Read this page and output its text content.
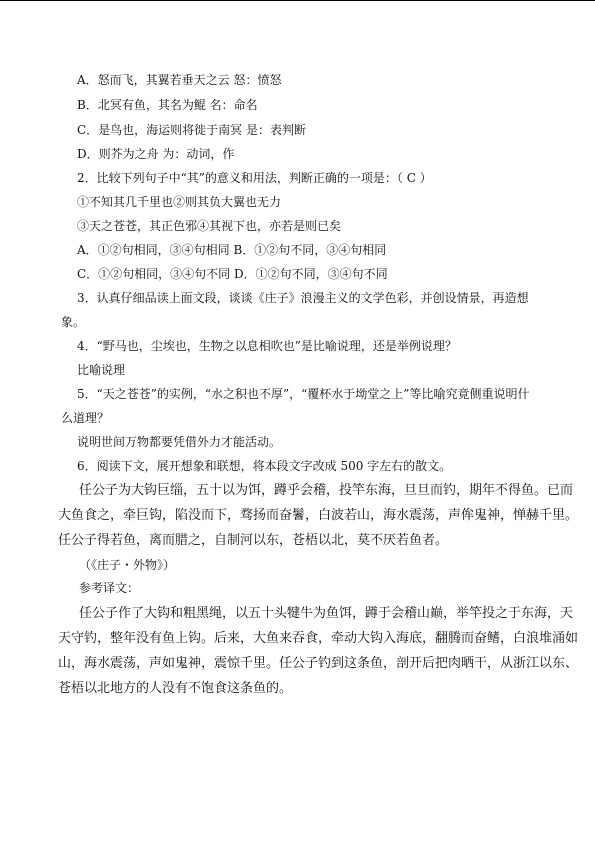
A．怒而飞，其翼若垂天之云 怒：愤怒
B．北冥有鱼，其名为鲲 名：命名
C．是鸟也，海运则将徙于南冥 是：表判断
D．则芥为之舟 为：动词，作
2．比较下列句子中“其”的意义和用法，判断正确的一项是：（ C ）
①不知其几千里也②则其负大翼也无力
③天之苍苍，其正色邪④其视下也，亦若是则已矣
A．①②句相同，③④句相同 B．①②句不同，③④句相同
C．①②句相同，③④句不同 D．①②句不同，③④句不同
3．认真仔细品读上面文段，谈谈《庄子》浪漫主义的文学色彩，并创设情景，再造想
象。
4．“野马也，尘埃也，生物之以息相吹也”是比喻说理，还是举例说理？
比喻说理
5．“天之苍苍”的实例，“水之积也不厚”，“覆杯水于坳堂之上”等比喻究竟侧重说明什
么道理？
说明世间万物都要凭借外力才能活动。
6．阅读下文，展开想象和联想，将本段文字改成 500 字左右的散文。
任公子为大钩巨缁，五十以为饵，蹲乎会稽，投竿东海，旦旦而钓，期年不得鱼。已而
大鱼食之，牵巨钩，陷没而下，骛扬而奋鬐，白波若山，海水震荡，声侔鬼神，惮赫千里。
任公子得若鱼，离而腊之，自制河以东，苍梧以北，莫不厌若鱼者。
（《庄子・外物》）
参考译文：
任公子作了大钩和粗黑绳，以五十头犍牛为鱼饵，蹲于会稽山巅，举竿投之于东海，天
天守钓，整年没有鱼上钩。后来，大鱼来吞食，牵动大钩入海底，翻腾而奋鳍，白浪堆涌如
山，海水震荡，声如鬼神，震惊千里。任公子钓到这条鱼，剖开后把肉晒干，从浙江以东、
苍梧以北地方的人没有不饱食这条鱼的。
